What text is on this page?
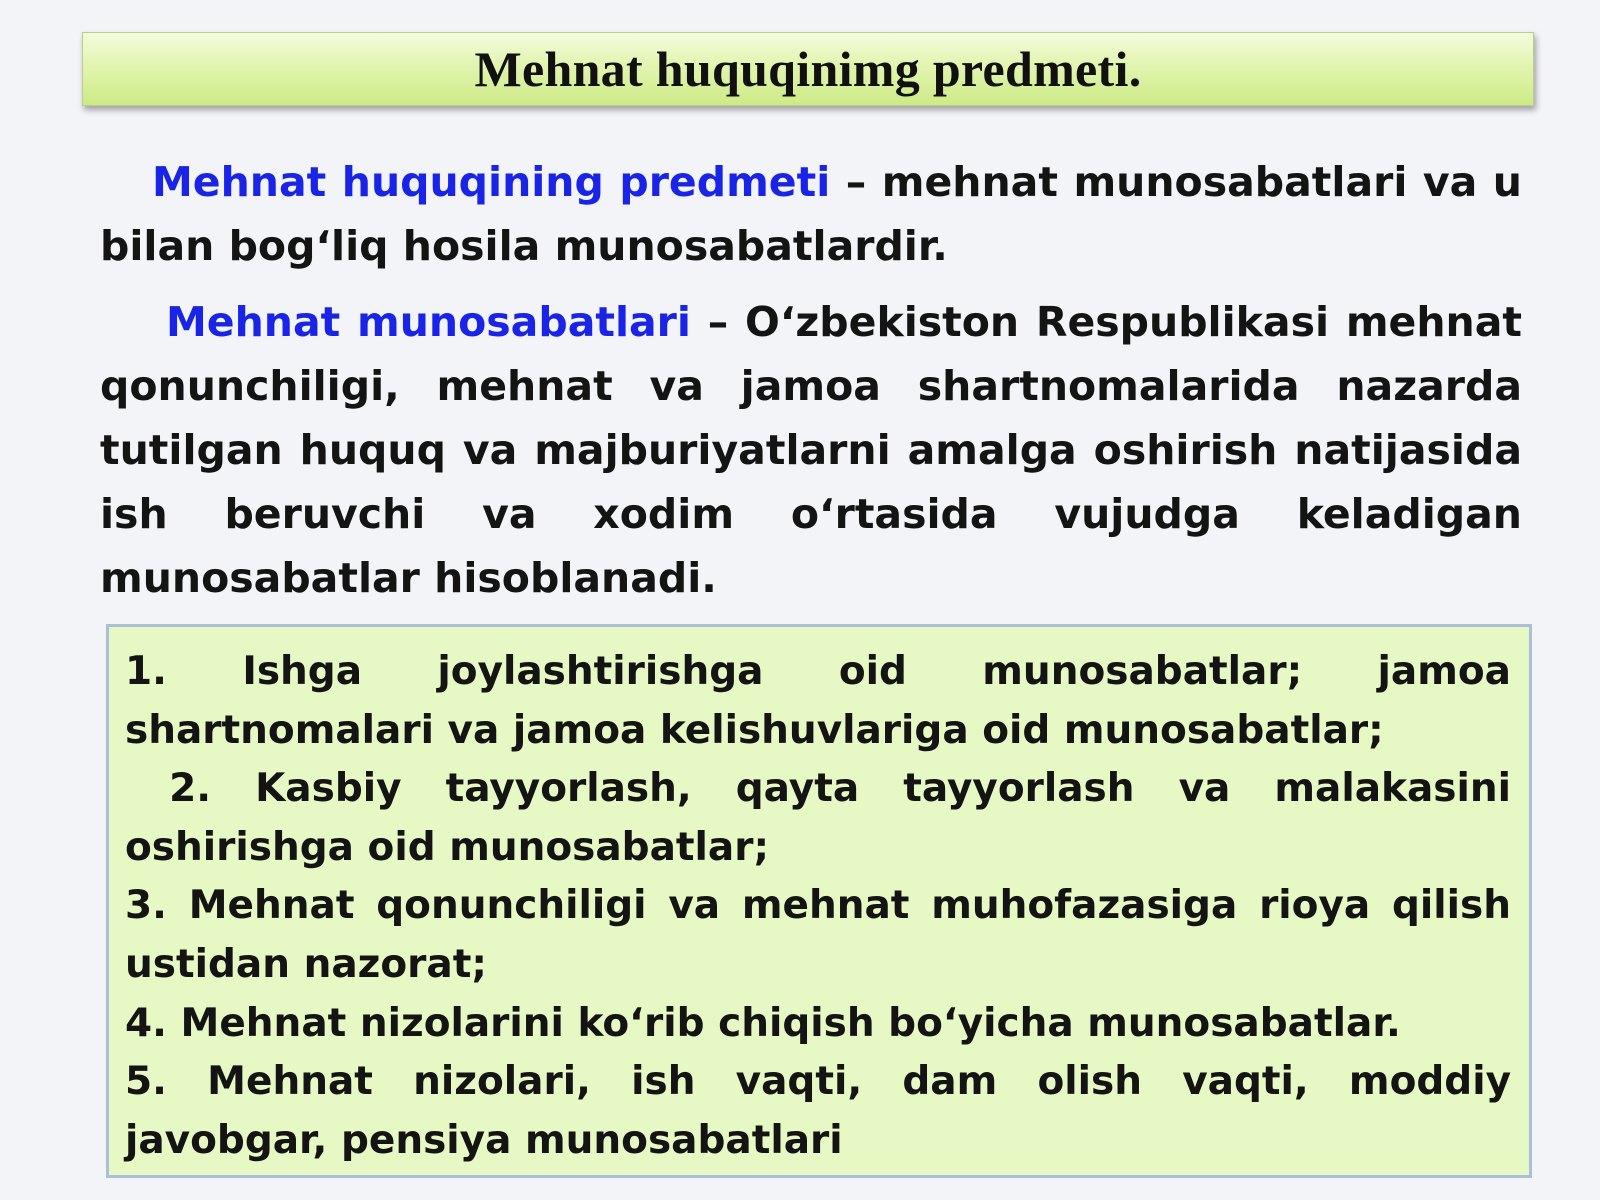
Mehnat huquqinimg predmeti.

Mehnat huquqining predmeti – mehnat munosabatlari va u bilan bog‘liq hosila munosabatlardir.

Mehnat munosabatlari – O‘zbekiston Respublikasi mehnat qonunchiligi, mehnat va jamoa shartnomalarida nazarda tutilgan huquq va majburiyatlarni amalga oshirish natijasida ish beruvchi va xodim o‘rtasida vujudga keladigan munosabatlar hisoblanadi.

1. Ishga joylashtirishga oid munosabatlar; jamoa shartnomalari va jamoa kelishuvlariga oid munosabatlar;

2. Kasbiy tayyorlash, qayta tayyorlash va malakasini oshirishga oid munosabatlar;

3. Mehnat qonunchiligi va mehnat muhofazasiga rioya qilish ustidan nazorat;

4. Mehnat nizolarini ko‘rib chiqish bo‘yicha munosabatlar.

5. Mehnat nizolari, ish vaqti, dam olish vaqti, moddiy javobgar, pensiya munosabatlari
